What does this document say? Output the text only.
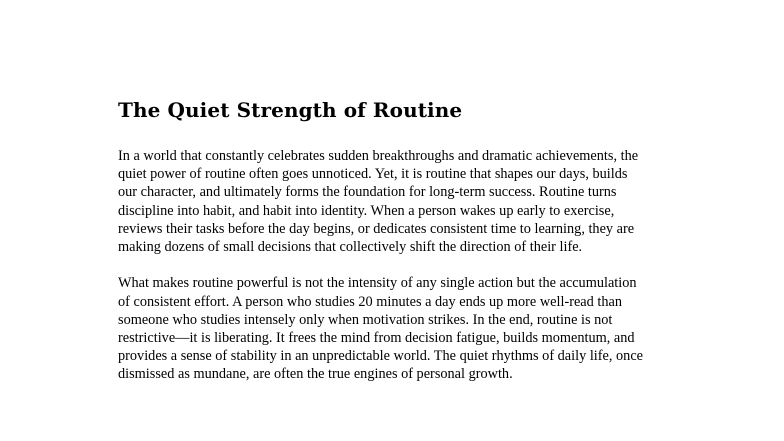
The Quiet Strength of Routine

In a world that constantly celebrates sudden breakthroughs and dramatic achievements, the quiet power of routine often goes unnoticed. Yet, it is routine that shapes our days, builds our character, and ultimately forms the foundation for long-term success. Routine turns discipline into habit, and habit into identity. When a person wakes up early to exercise, reviews their tasks before the day begins, or dedicates consistent time to learning, they are making dozens of small decisions that collectively shift the direction of their life.

What makes routine powerful is not the intensity of any single action but the accumulation of consistent effort. A person who studies 20 minutes a day ends up more well-read than someone who studies intensely only when motivation strikes. In the end, routine is not restrictive—it is liberating. It frees the mind from decision fatigue, builds momentum, and provides a sense of stability in an unpredictable world. The quiet rhythms of daily life, once dismissed as mundane, are often the true engines of personal growth.
